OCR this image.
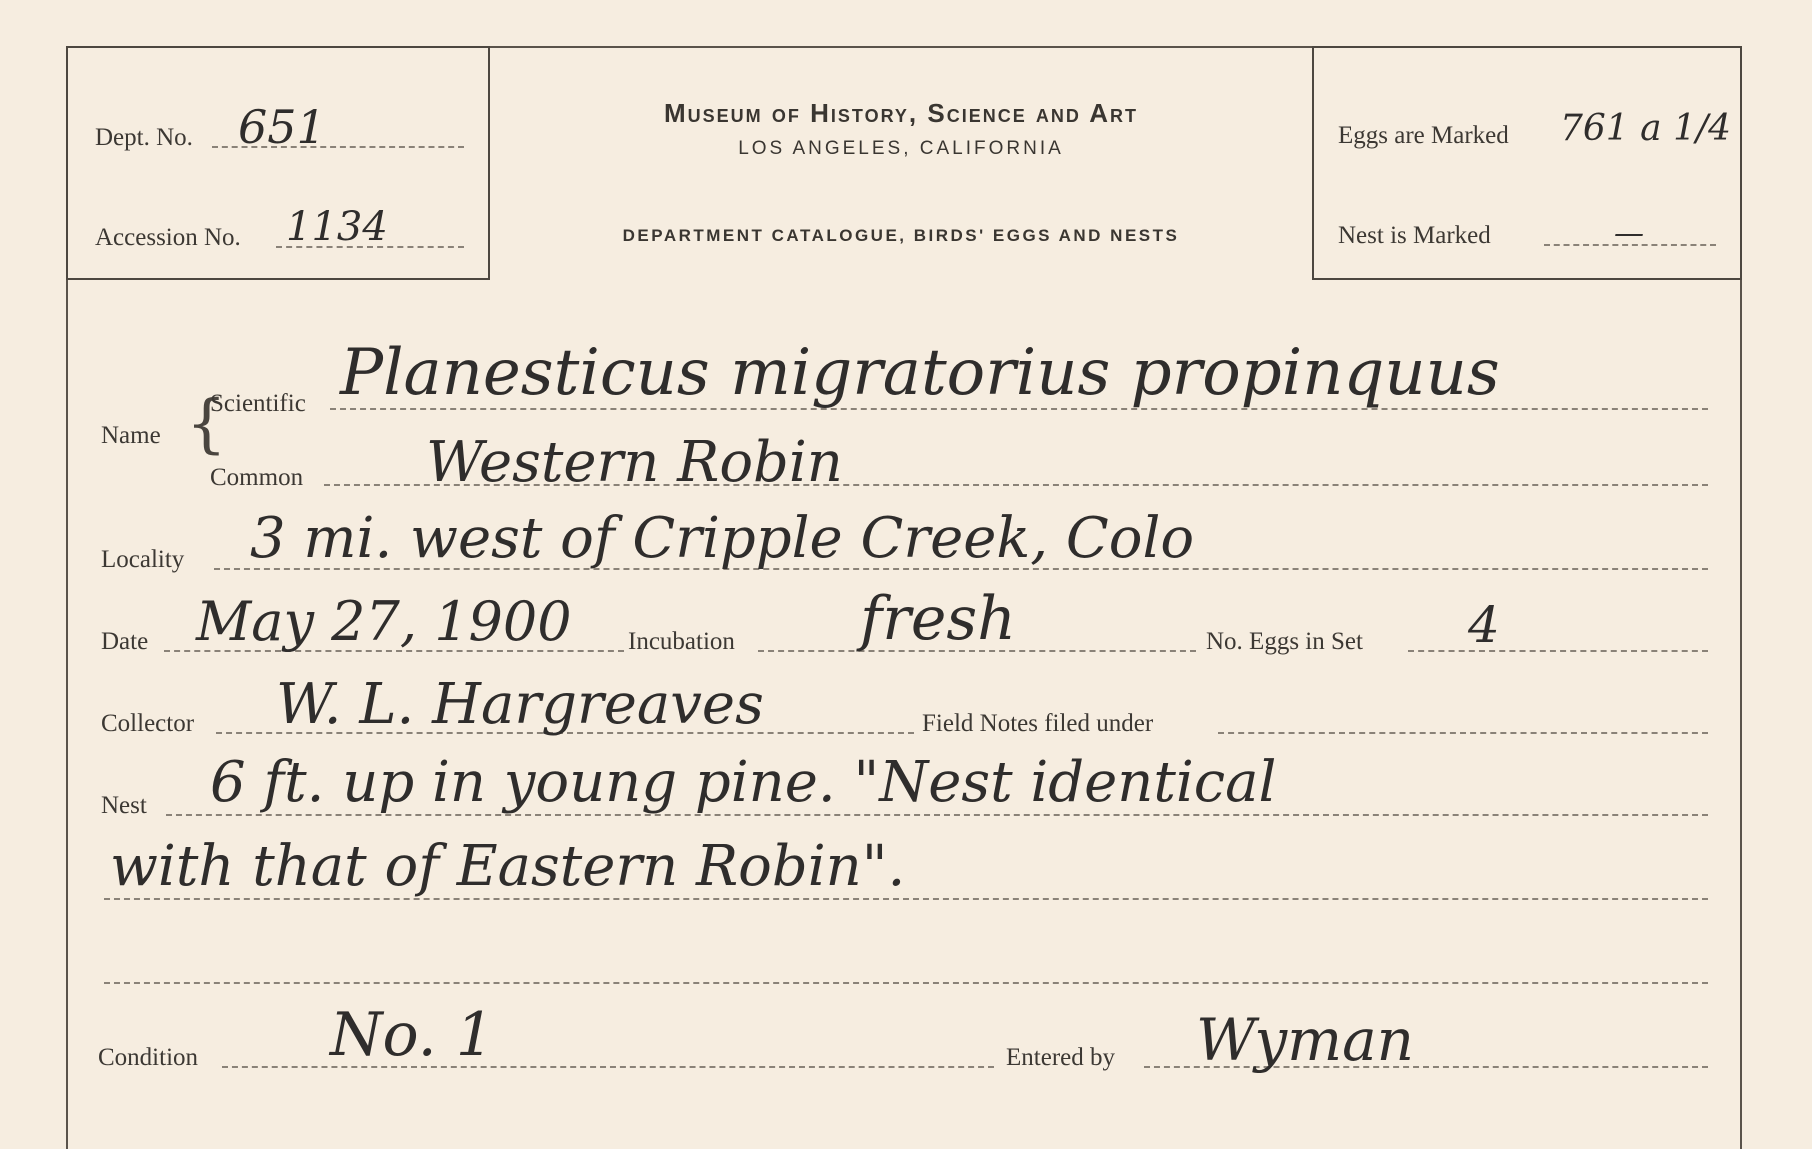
Dept. No. 651
Accession No. 1134
Museum of History, Science and Art
LOS ANGELES, CALIFORNIA
DEPARTMENT CATALOGUE, BIRDS' EGGS AND NESTS
Eggs are Marked 761 a 1/4
Nest is Marked	—
Name {
Scientific Planesticus migratorius propinquus
Common Western Robin
Locality 3 mi. west of Cripple Creek, Colo
Date May 27, 1900 Incubation fresh	No. Eggs in Set 4
Collector W. L. Hargreaves	Field Notes filed under
Nest 6 ft. up in young pine. "Nest identical
with that of Eastern Robin".
Condition No. 1	Entered by Wyman
